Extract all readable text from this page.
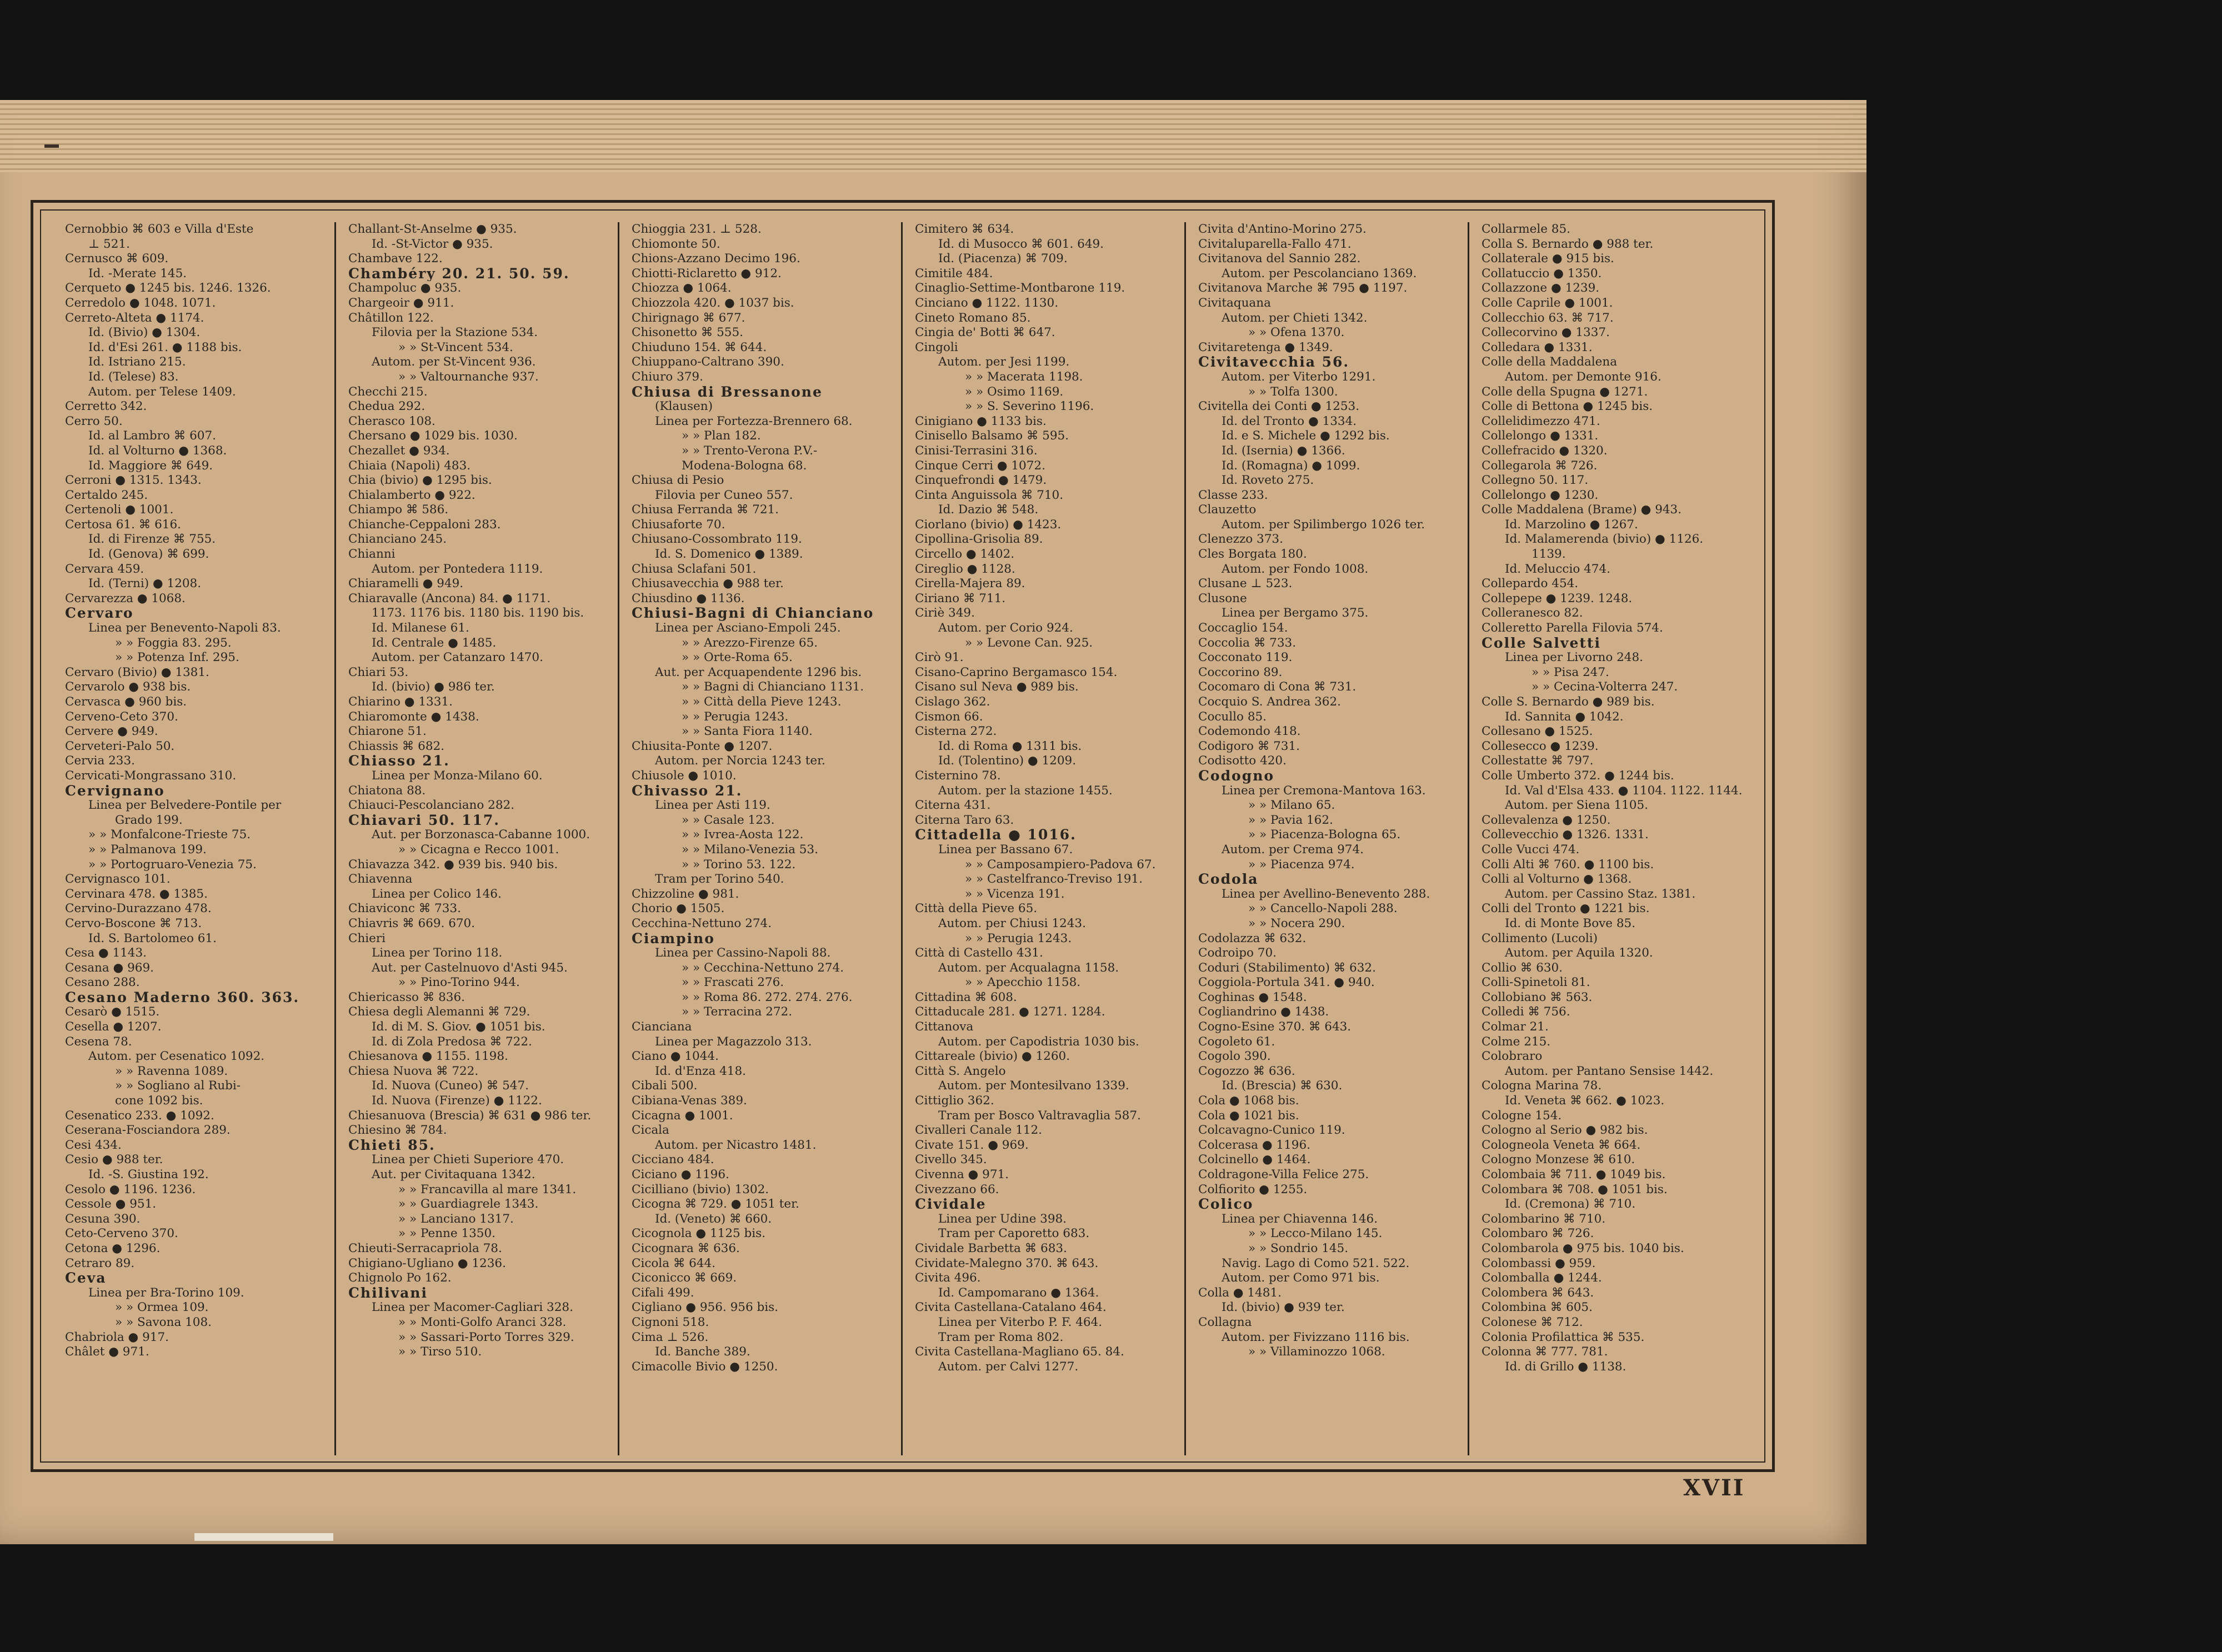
Cernobbio ⌘ 603 e Villa d'Este
⊥ 521.
Cernusco ⌘ 609.
Id. -Merate 145.
Cerqueto ● 1245 bis. 1246. 1326.
Cerredolo ● 1048. 1071.
Cerreto-Alteta ● 1174.
Id. (Bivio) ● 1304.
Id. d'Esi 261. ● 1188 bis.
Id. Istriano 215.
Id. (Telese) 83.
Autom. per Telese 1409.
Cerretto 342.
Cerro 50.
Id. al Lambro ⌘ 607.
Id. al Volturno ● 1368.
Id. Maggiore ⌘ 649.
Cerroni ● 1315. 1343.
Certaldo 245.
Certenoli ● 1001.
Certosa 61. ⌘ 616.
Id. di Firenze ⌘ 755.
Id. (Genova) ⌘ 699.
Cervara 459.
Id. (Terni) ● 1208.
Cervarezza ● 1068.
Cervaro
Linea per Benevento-Napoli 83.
» » Foggia 83. 295.
» » Potenza Inf. 295.
Cervaro (Bivio) ● 1381.
Cervarolo ● 938 bis.
Cervasca ● 960 bis.
Cerveno-Ceto 370.
Cervere ● 949.
Cerveteri-Palo 50.
Cervia 233.
Cervicati-Mongrassano 310.
Cervignano
Linea per Belvedere-Pontile per
Grado 199.
» » Monfalcone-Trieste 75.
» » Palmanova 199.
» » Portogruaro-Venezia 75.
Cervignasco 101.
Cervinara 478. ● 1385.
Cervino-Durazzano 478.
Cervo-Boscone ⌘ 713.
Id. S. Bartolomeo 61.
Cesa ● 1143.
Cesana ● 969.
Cesano 288.
Cesano Maderno 360. 363.
Cesarò ● 1515.
Cesella ● 1207.
Cesena 78.
Autom. per Cesenatico 1092.
» » Ravenna 1089.
» » Sogliano al Rubi-
cone 1092 bis.
Cesenatico 233. ● 1092.
Ceserana-Fosciandora 289.
Cesi 434.
Cesio ● 988 ter.
Id. -S. Giustina 192.
Cesolo ● 1196. 1236.
Cessole ● 951.
Cesuna 390.
Ceto-Cerveno 370.
Cetona ● 1296.
Cetraro 89.
Ceva
Linea per Bra-Torino 109.
» » Ormea 109.
» » Savona 108.
Chabriola ● 917.
Châlet ● 971.
Challant-St-Anselme ● 935.
Id. -St-Victor ● 935.
Chambave 122.
Chambéry 20. 21. 50. 59.
Champoluc ● 935.
Chargeoir ● 911.
Châtillon 122.
Filovia per la Stazione 534.
» » St-Vincent 534.
Autom. per St-Vincent 936.
» » Valtournanche 937.
Checchi 215.
Chedua 292.
Cherasco 108.
Chersano ● 1029 bis. 1030.
Chezallet ● 934.
Chiaia (Napoli) 483.
Chia (bivio) ● 1295 bis.
Chialamberto ● 922.
Chiampo ⌘ 586.
Chianche-Ceppaloni 283.
Chianciano 245.
Chianni
Autom. per Pontedera 1119.
Chiaramelli ● 949.
Chiaravalle (Ancona) 84. ● 1171.
1173. 1176 bis. 1180 bis. 1190 bis.
Id. Milanese 61.
Id. Centrale ● 1485.
Autom. per Catanzaro 1470.
Chiari 53.
Id. (bivio) ● 986 ter.
Chiarino ● 1331.
Chiaromonte ● 1438.
Chiarone 51.
Chiassis ⌘ 682.
Chiasso 21.
Linea per Monza-Milano 60.
Chiatona 88.
Chiauci-Pescolanciano 282.
Chiavari 50. 117.
Aut. per Borzonasca-Cabanne 1000.
» » Cicagna e Recco 1001.
Chiavazza 342. ● 939 bis. 940 bis.
Chiavenna
Linea per Colico 146.
Chiaviconc ⌘ 733.
Chiavris ⌘ 669. 670.
Chieri
Linea per Torino 118.
Aut. per Castelnuovo d'Asti 945.
» » Pino-Torino 944.
Chiericasso ⌘ 836.
Chiesa degli Alemanni ⌘ 729.
Id. di M. S. Giov. ● 1051 bis.
Id. di Zola Predosa ⌘ 722.
Chiesanova ● 1155. 1198.
Chiesa Nuova ⌘ 722.
Id. Nuova (Cuneo) ⌘ 547.
Id. Nuova (Firenze) ● 1122.
Chiesanuova (Brescia) ⌘ 631 ● 986 ter.
Chiesino ⌘ 784.
Chieti 85.
Linea per Chieti Superiore 470.
Aut. per Civitaquana 1342.
» » Francavilla al mare 1341.
» » Guardiagrele 1343.
» » Lanciano 1317.
» » Penne 1350.
Chieuti-Serracapriola 78.
Chigiano-Ugliano ● 1236.
Chignolo Po 162.
Chilivani
Linea per Macomer-Cagliari 328.
» » Monti-Golfo Aranci 328.
» » Sassari-Porto Torres 329.
» » Tirso 510.
Chioggia 231. ⊥ 528.
Chiomonte 50.
Chions-Azzano Decimo 196.
Chiotti-Riclaretto ● 912.
Chiozza ● 1064.
Chiozzola 420. ● 1037 bis.
Chirignago ⌘ 677.
Chisonetto ⌘ 555.
Chiuduno 154. ⌘ 644.
Chiuppano-Caltrano 390.
Chiuro 379.
Chiusa di Bressanone
(Klausen)
Linea per Fortezza-Brennero 68.
» » Plan 182.
» » Trento-Verona P.V.-
Modena-Bologna 68.
Chiusa di Pesio
Filovia per Cuneo 557.
Chiusa Ferranda ⌘ 721.
Chiusaforte 70.
Chiusano-Cossombrato 119.
Id. S. Domenico ● 1389.
Chiusa Sclafani 501.
Chiusavecchia ● 988 ter.
Chiusdino ● 1136.
Chiusi-Bagni di Chianciano
Linea per Asciano-Empoli 245.
» » Arezzo-Firenze 65.
» » Orte-Roma 65.
Aut. per Acquapendente 1296 bis.
» » Bagni di Chianciano 1131.
» » Città della Pieve 1243.
» » Perugia 1243.
» » Santa Fiora 1140.
Chiusita-Ponte ● 1207.
Autom. per Norcia 1243 ter.
Chiusole ● 1010.
Chivasso 21.
Linea per Asti 119.
» » Casale 123.
» » Ivrea-Aosta 122.
» » Milano-Venezia 53.
» » Torino 53. 122.
Tram per Torino 540.
Chizzoline ● 981.
Chorio ● 1505.
Cecchina-Nettuno 274.
Ciampino
Linea per Cassino-Napoli 88.
» » Cecchina-Nettuno 274.
» » Frascati 276.
» » Roma 86. 272. 274. 276.
» » Terracina 272.
Cianciana
Linea per Magazzolo 313.
Ciano ● 1044.
Id. d'Enza 418.
Cibali 500.
Cibiana-Venas 389.
Cicagna ● 1001.
Cicala
Autom. per Nicastro 1481.
Cicciano 484.
Ciciano ● 1196.
Cicilliano (bivio) 1302.
Cicogna ⌘ 729. ● 1051 ter.
Id. (Veneto) ⌘ 660.
Cicognola ● 1125 bis.
Cicognara ⌘ 636.
Cicola ⌘ 644.
Ciconicco ⌘ 669.
Cifali 499.
Cigliano ● 956. 956 bis.
Cignoni 518.
Cima ⊥ 526.
Id. Banche 389.
Cimacolle Bivio ● 1250.
Cimitero ⌘ 634.
Id. di Musocco ⌘ 601. 649.
Id. (Piacenza) ⌘ 709.
Cimitile 484.
Cinaglio-Settime-Montbarone 119.
Cinciano ● 1122. 1130.
Cineto Romano 85.
Cingia de' Botti ⌘ 647.
Cingoli
Autom. per Jesi 1199.
» » Macerata 1198.
» » Osimo 1169.
» » S. Severino 1196.
Cinigiano ● 1133 bis.
Cinisello Balsamo ⌘ 595.
Cinisi-Terrasini 316.
Cinque Cerri ● 1072.
Cinquefrondi ● 1479.
Cinta Anguissola ⌘ 710.
Id. Dazio ⌘ 548.
Ciorlano (bivio) ● 1423.
Cipollina-Grisolia 89.
Circello ● 1402.
Cireglio ● 1128.
Cirella-Majera 89.
Ciriano ⌘ 711.
Ciriè 349.
Autom. per Corio 924.
» » Levone Can. 925.
Cirò 91.
Cisano-Caprino Bergamasco 154.
Cisano sul Neva ● 989 bis.
Cislago 362.
Cismon 66.
Cisterna 272.
Id. di Roma ● 1311 bis.
Id. (Tolentino) ● 1209.
Cisternino 78.
Autom. per la stazione 1455.
Citerna 431.
Citerna Taro 63.
Cittadella ● 1016.
Linea per Bassano 67.
» » Camposampiero-Padova 67.
» » Castelfranco-Treviso 191.
» » Vicenza 191.
Città della Pieve 65.
Autom. per Chiusi 1243.
» » Perugia 1243.
Città di Castello 431.
Autom. per Acqualagna 1158.
» » Apecchio 1158.
Cittadina ⌘ 608.
Cittaducale 281. ● 1271. 1284.
Cittanova
Autom. per Capodistria 1030 bis.
Cittareale (bivio) ● 1260.
Città S. Angelo
Autom. per Montesilvano 1339.
Cittiglio 362.
Tram per Bosco Valtravaglia 587.
Civalleri Canale 112.
Civate 151. ● 969.
Civello 345.
Civenna ● 971.
Civezzano 66.
Cividale
Linea per Udine 398.
Tram per Caporetto 683.
Cividale Barbetta ⌘ 683.
Cividate-Malegno 370. ⌘ 643.
Civita 496.
Id. Campomarano ● 1364.
Civita Castellana-Catalano 464.
Linea per Viterbo P. F. 464.
Tram per Roma 802.
Civita Castellana-Magliano 65. 84.
Autom. per Calvi 1277.
Civita d'Antino-Morino 275.
Civitaluparella-Fallo 471.
Civitanova del Sannio 282.
Autom. per Pescolanciano 1369.
Civitanova Marche ⌘ 795 ● 1197.
Civitaquana
Autom. per Chieti 1342.
» » Ofena 1370.
Civitaretenga ● 1349.
Civitavecchia 56.
Autom. per Viterbo 1291.
» » Tolfa 1300.
Civitella dei Conti ● 1253.
Id. del Tronto ● 1334.
Id. e S. Michele ● 1292 bis.
Id. (Isernia) ● 1366.
Id. (Romagna) ● 1099.
Id. Roveto 275.
Classe 233.
Clauzetto
Autom. per Spilimbergo 1026 ter.
Clenezzo 373.
Cles Borgata 180.
Autom. per Fondo 1008.
Clusane ⊥ 523.
Clusone
Linea per Bergamo 375.
Coccaglio 154.
Coccolia ⌘ 733.
Cocconato 119.
Coccorino 89.
Cocomaro di Cona ⌘ 731.
Cocquio S. Andrea 362.
Cocullo 85.
Codemondo 418.
Codigoro ⌘ 731.
Codisotto 420.
Codogno
Linea per Cremona-Mantova 163.
» » Milano 65.
» » Pavia 162.
» » Piacenza-Bologna 65.
Autom. per Crema 974.
» » Piacenza 974.
Codola
Linea per Avellino-Benevento 288.
» » Cancello-Napoli 288.
» » Nocera 290.
Codolazza ⌘ 632.
Codroipo 70.
Coduri (Stabilimento) ⌘ 632.
Coggiola-Portula 341. ● 940.
Coghinas ● 1548.
Cogliandrino ● 1438.
Cogno-Esine 370. ⌘ 643.
Cogoleto 61.
Cogolo 390.
Cogozzo ⌘ 636.
Id. (Brescia) ⌘ 630.
Cola ● 1068 bis.
Cola ● 1021 bis.
Colcavagno-Cunico 119.
Colcerasa ● 1196.
Colcinello ● 1464.
Coldragone-Villa Felice 275.
Colfiorito ● 1255.
Colico
Linea per Chiavenna 146.
» » Lecco-Milano 145.
» » Sondrio 145.
Navig. Lago di Como 521. 522.
Autom. per Como 971 bis.
Colla ● 1481.
Id. (bivio) ● 939 ter.
Collagna
Autom. per Fivizzano 1116 bis.
» » Villaminozzo 1068.
Collarmele 85.
Colla S. Bernardo ● 988 ter.
Collaterale ● 915 bis.
Collatuccio ● 1350.
Collazzone ● 1239.
Colle Caprile ● 1001.
Collecchio 63. ⌘ 717.
Collecorvino ● 1337.
Colledara ● 1331.
Colle della Maddalena
Autom. per Demonte 916.
Colle della Spugna ● 1271.
Colle di Bettona ● 1245 bis.
Collelidimezzo 471.
Collelongo ● 1331.
Collefracido ● 1320.
Collegarola ⌘ 726.
Collegno 50. 117.
Collelongo ● 1230.
Colle Maddalena (Brame) ● 943.
Id. Marzolino ● 1267.
Id. Malamerenda (bivio) ● 1126.
1139.
Id. Meluccio 474.
Collepardo 454.
Collepepe ● 1239. 1248.
Colleranesco 82.
Colleretto Parella Filovia 574.
Colle Salvetti
Linea per Livorno 248.
» » Pisa 247.
» » Cecina-Volterra 247.
Colle S. Bernardo ● 989 bis.
Id. Sannita ● 1042.
Collesano ● 1525.
Collesecco ● 1239.
Collestatte ⌘ 797.
Colle Umberto 372. ● 1244 bis.
Id. Val d'Elsa 433. ● 1104. 1122. 1144.
Autom. per Siena 1105.
Collevalenza ● 1250.
Collevecchio ● 1326. 1331.
Colle Vucci 474.
Colli Alti ⌘ 760. ● 1100 bis.
Colli al Volturno ● 1368.
Autom. per Cassino Staz. 1381.
Colli del Tronto ● 1221 bis.
Id. di Monte Bove 85.
Collimento (Lucoli)
Autom. per Aquila 1320.
Collio ⌘ 630.
Colli-Spinetoli 81.
Collobiano ⌘ 563.
Colledi ⌘ 756.
Colmar 21.
Colme 215.
Colobraro
Autom. per Pantano Sensise 1442.
Cologna Marina 78.
Id. Veneta ⌘ 662. ● 1023.
Cologne 154.
Cologno al Serio ● 982 bis.
Cologneola Veneta ⌘ 664.
Cologno Monzese ⌘ 610.
Colombaia ⌘ 711. ● 1049 bis.
Colombara ⌘ 708. ● 1051 bis.
Id. (Cremona) ⌘ 710.
Colombarino ⌘ 710.
Colombaro ⌘ 726.
Colombarola ● 975 bis. 1040 bis.
Colombassi ● 959.
Colomballa ● 1244.
Colombera ⌘ 643.
Colombina ⌘ 605.
Colonese ⌘ 712.
Colonia Profilattica ⌘ 535.
Colonna ⌘ 777. 781.
Id. di Grillo ● 1138.
XVII
